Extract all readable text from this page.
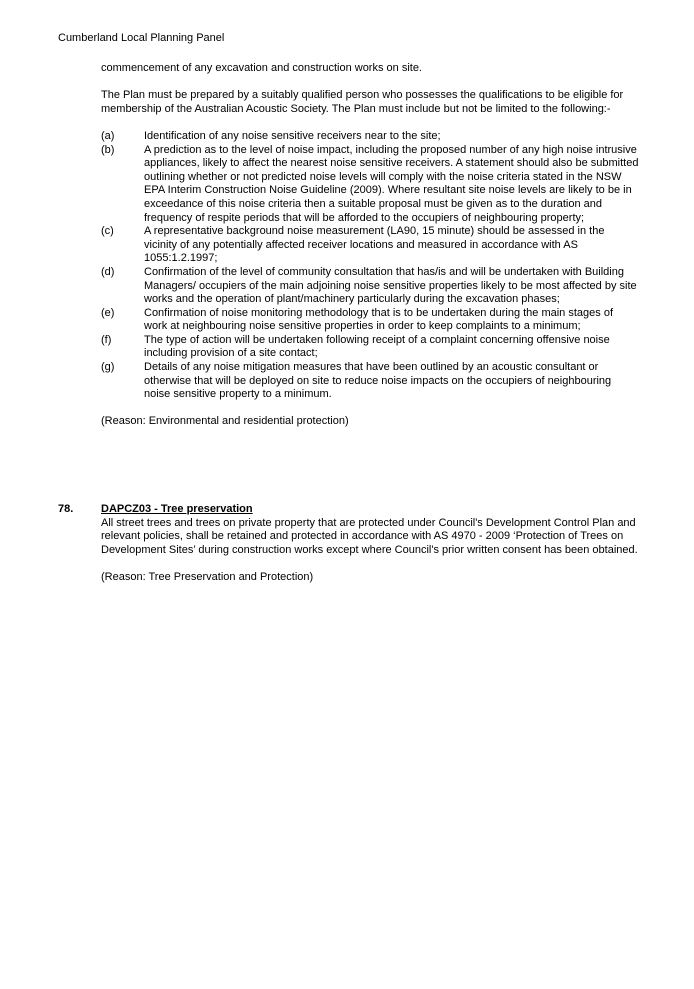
Cumberland Local Planning Panel

commencement of any excavation and construction works on site.

The Plan must be prepared by a suitably qualified person who possesses the qualifications to be eligible for membership of the Australian Acoustic Society. The Plan must include but not be limited to the following:-

(a)	Identification of any noise sensitive receivers near to the site;
(b)	A prediction as to the level of noise impact, including the proposed number of any high noise intrusive appliances, likely to affect the nearest noise sensitive receivers. A statement should also be submitted outlining whether or not predicted noise levels will comply with the noise criteria stated in the NSW EPA Interim Construction Noise Guideline (2009). Where resultant site noise levels are likely to be in exceedance of this noise criteria then a suitable proposal must be given as to the duration and frequency of respite periods that will be afforded to the occupiers of neighbouring property;
(c)	A representative background noise measurement (LA90, 15 minute) should be assessed in the vicinity of any potentially affected receiver locations and measured in accordance with AS 1055:1.2.1997;
(d)	Confirmation of the level of community consultation that has/is and will be undertaken with Building Managers/ occupiers of the main adjoining noise sensitive properties likely to be most affected by site works and the operation of plant/machinery particularly during the excavation phases;
(e)	Confirmation of noise monitoring methodology that is to be undertaken during the main stages of work at neighbouring noise sensitive properties in order to keep complaints to a minimum;
(f)	The type of action will be undertaken following receipt of a complaint concerning offensive noise including provision of a site contact;
(g)	Details of any noise mitigation measures that have been outlined by an acoustic consultant or otherwise that will be deployed on site to reduce noise impacts on the occupiers of neighbouring noise sensitive property to a minimum.

(Reason: Environmental and residential protection)

78.	DAPCZ03 - Tree preservation

All street trees and trees on private property that are protected under Council's Development Control Plan and relevant policies, shall be retained and protected in accordance with AS 4970 - 2009 ‘Protection of Trees on Development Sites’ during construction works except where Council's prior written consent has been obtained.

(Reason: Tree Preservation and Protection)
